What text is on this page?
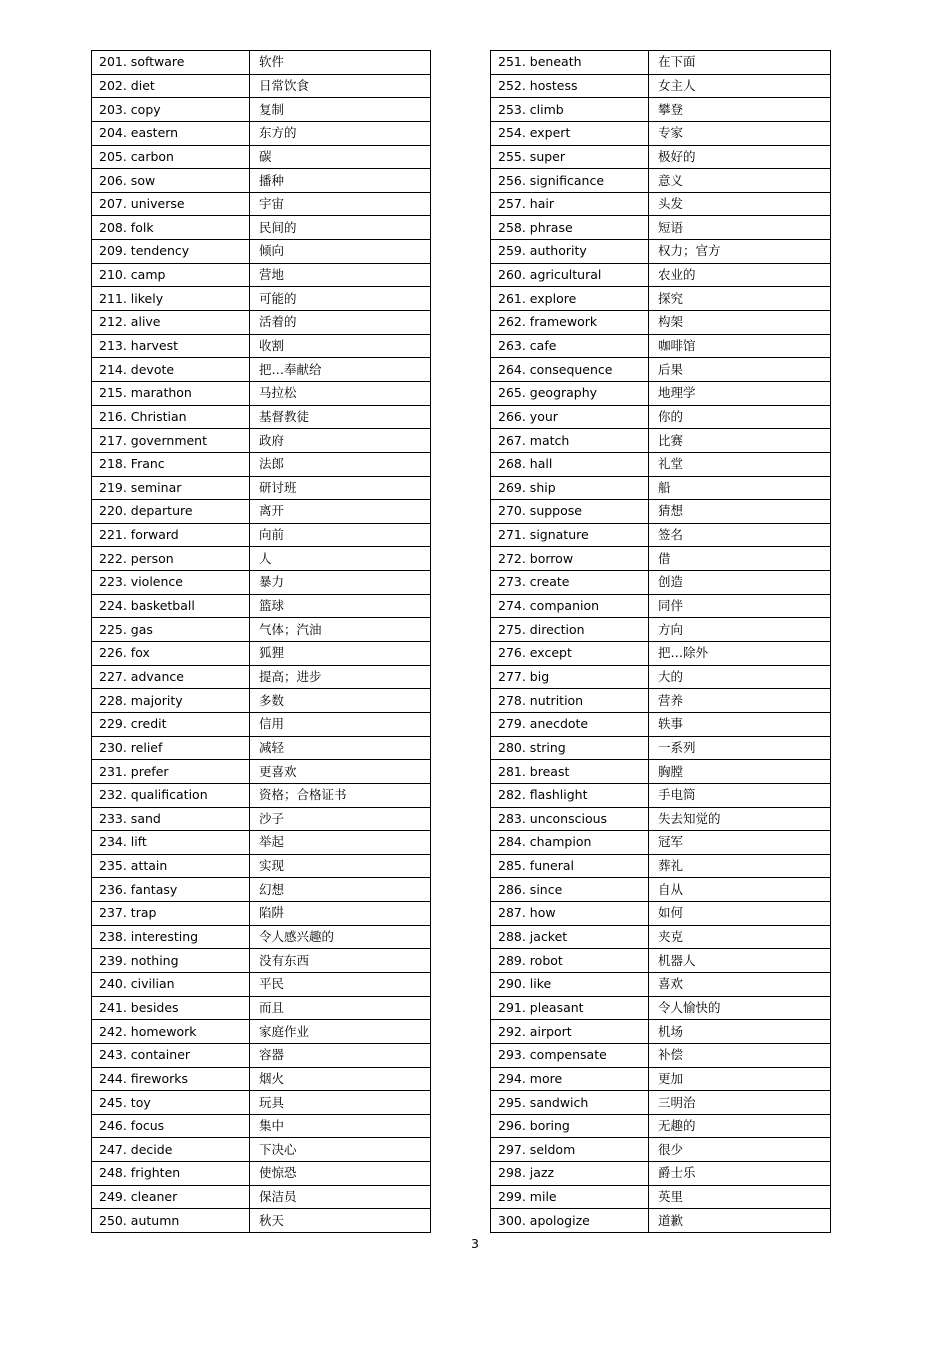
201. software	软件
202. diet	日常饮食
203. copy	复制
204. eastern	东方的
205. carbon	碳
206. sow	播种
207. universe	宇宙
208. folk	民间的
209. tendency	倾向
210. camp	营地
211. likely	可能的
212. alive	活着的
213. harvest	收割
214. devote	把…奉献给
215. marathon	马拉松
216. Christian	基督教徒
217. government	政府
218. Franc	法郎
219. seminar	研讨班
220. departure	离开
221. forward	向前
222. person	人
223. violence	暴力
224. basketball	篮球
225. gas	气体；汽油
226. fox	狐狸
227. advance	提高；进步
228. majority	多数
229. credit	信用
230. relief	减轻
231. prefer	更喜欢
232. qualification	资格；合格证书
233. sand	沙子
234. lift	举起
235. attain	实现
236. fantasy	幻想
237. trap	陷阱
238. interesting	令人感兴趣的
239. nothing	没有东西
240. civilian	平民
241. besides	而且
242. homework	家庭作业
243. container	容器
244. fireworks	烟火
245. toy	玩具
246. focus	集中
247. decide	下决心
248. frighten	使惊恐
249. cleaner	保洁员
250. autumn	秋天
251. beneath	在下面
252. hostess	女主人
253. climb	攀登
254. expert	专家
255. super	极好的
256. significance	意义
257. hair	头发
258. phrase	短语
259. authority	权力；官方
260. agricultural	农业的
261. explore	探究
262. framework	构架
263. cafe	咖啡馆
264. consequence	后果
265. geography	地理学
266. your	你的
267. match	比赛
268. hall	礼堂
269. ship	船
270. suppose	猜想
271. signature	签名
272. borrow	借
273. create	创造
274. companion	同伴
275. direction	方向
276. except	把…除外
277. big	大的
278. nutrition	营养
279. anecdote	轶事
280. string	一系列
281. breast	胸膛
282. flashlight	手电筒
283. unconscious	失去知觉的
284. champion	冠军
285. funeral	葬礼
286. since	自从
287. how	如何
288. jacket	夹克
289. robot	机器人
290. like	喜欢
291. pleasant	令人愉快的
292. airport	机场
293. compensate	补偿
294. more	更加
295. sandwich	三明治
296. boring	无趣的
297. seldom	很少
298. jazz	爵士乐
299. mile	英里
300. apologize	道歉
3
